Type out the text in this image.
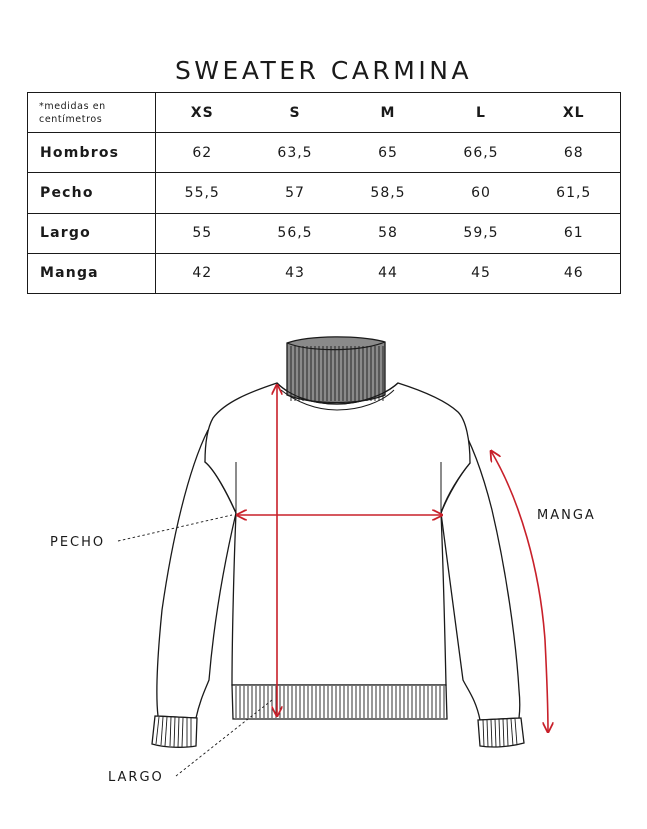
SWEATER CARMINA
*medidas en centímetros	XS	S	M	L	XL
Hombros	62	63,5	65	66,5	68
Pecho	55,5	57	58,5	60	61,5
Largo	55	56,5	58	59,5	61
Manga	42	43	44	45	46
PECHO
LARGO
MANGA
